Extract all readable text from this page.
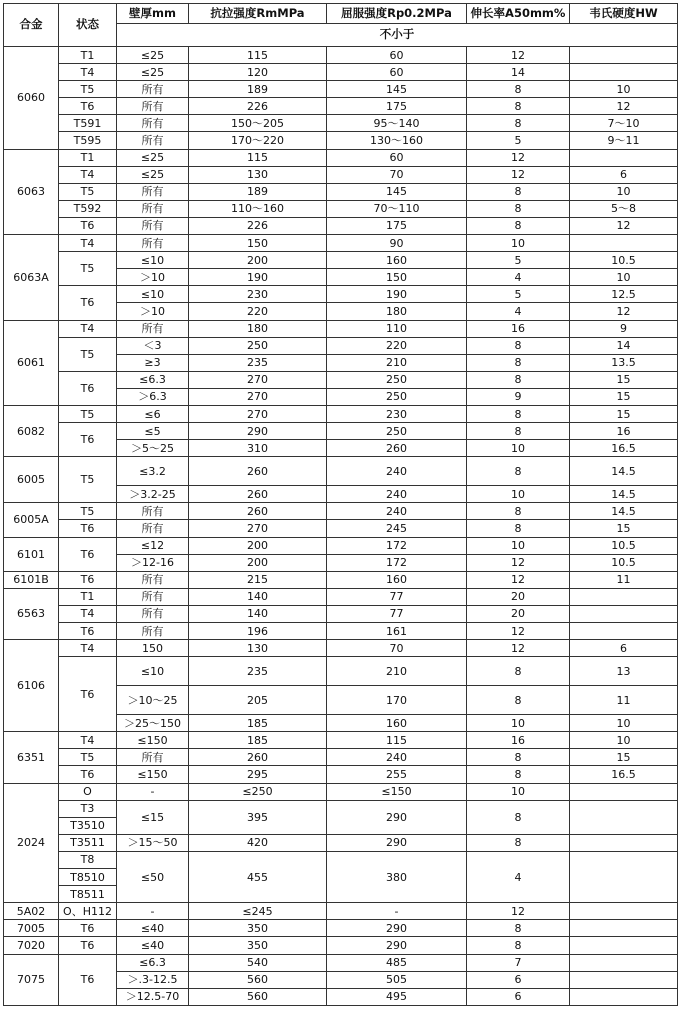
合金	状态	壁厚mm	抗拉强度RmMPa	屈服强度Rp0.2MPa	伸长率A50mm%	韦氏硬度HW
		不小于				
6060	T1	≤25	115	60	12	
	T4	≤25	120	60	14	
	T5	所有	189	145	8	10
	T6	所有	226	175	8	12
	T591	所有	150～205	95～140	8	7～10
	T595	所有	170～220	130～160	5	9～11
6063	T1	≤25	115	60	12	
	T4	≤25	130	70	12	6
	T5	所有	189	145	8	10
	T592	所有	110～160	70～110	8	5～8
	T6	所有	226	175	8	12
6063A	T4	所有	150	90	10	
	T5	≤10	200	160	5	10.5
		＞10	190	150	4	10
	T6	≤10	230	190	5	12.5
		＞10	220	180	4	12
6061	T4	所有	180	110	16	9
	T5	＜3	250	220	8	14
		≥3	235	210	8	13.5
	T6	≤6.3	270	250	8	15
		＞6.3	270	250	9	15
6082	T5	≤6	270	230	8	15
	T6	≤5	290	250	8	16
		＞5～25	310	260	10	16.5
6005	T5	≤3.2	260	240	8	14.5
		＞3.2-25	260	240	10	14.5
6005A	T5	所有	260	240	8	14.5
	T6	所有	270	245	8	15
6101	T6	≤12	200	172	10	10.5
		＞12-16	200	172	12	10.5
6101B	T6	所有	215	160	12	11
6563	T1	所有	140	77	20	
	T4	所有	140	77	20	
	T6	所有	196	161	12	
6106	T4	150	130	70	12	6
	T6	≤10	235	210	8	13
		＞10～25	205	170	8	11
		＞25～150	185	160	10	10
6351	T4	≤150	185	115	16	10
	T5	所有	260	240	8	15
	T6	≤150	295	255	8	16.5
2024	O	-	≤250	≤150	10	
	T3	≤15	395	290	8	
	T3510					
	T3511	＞15～50	420	290	8	
	T8	≤50	455	380	4	
	T8510					
	T8511					
5A02	O、H112	-	≤245	-	12	
7005	T6	≤40	350	290	8	
7020	T6	≤40	350	290	8	
7075	T6	≤6.3	540	485	7	
		＞.3-12.5	560	505	6	
		＞12.5-70	560	495	6	
